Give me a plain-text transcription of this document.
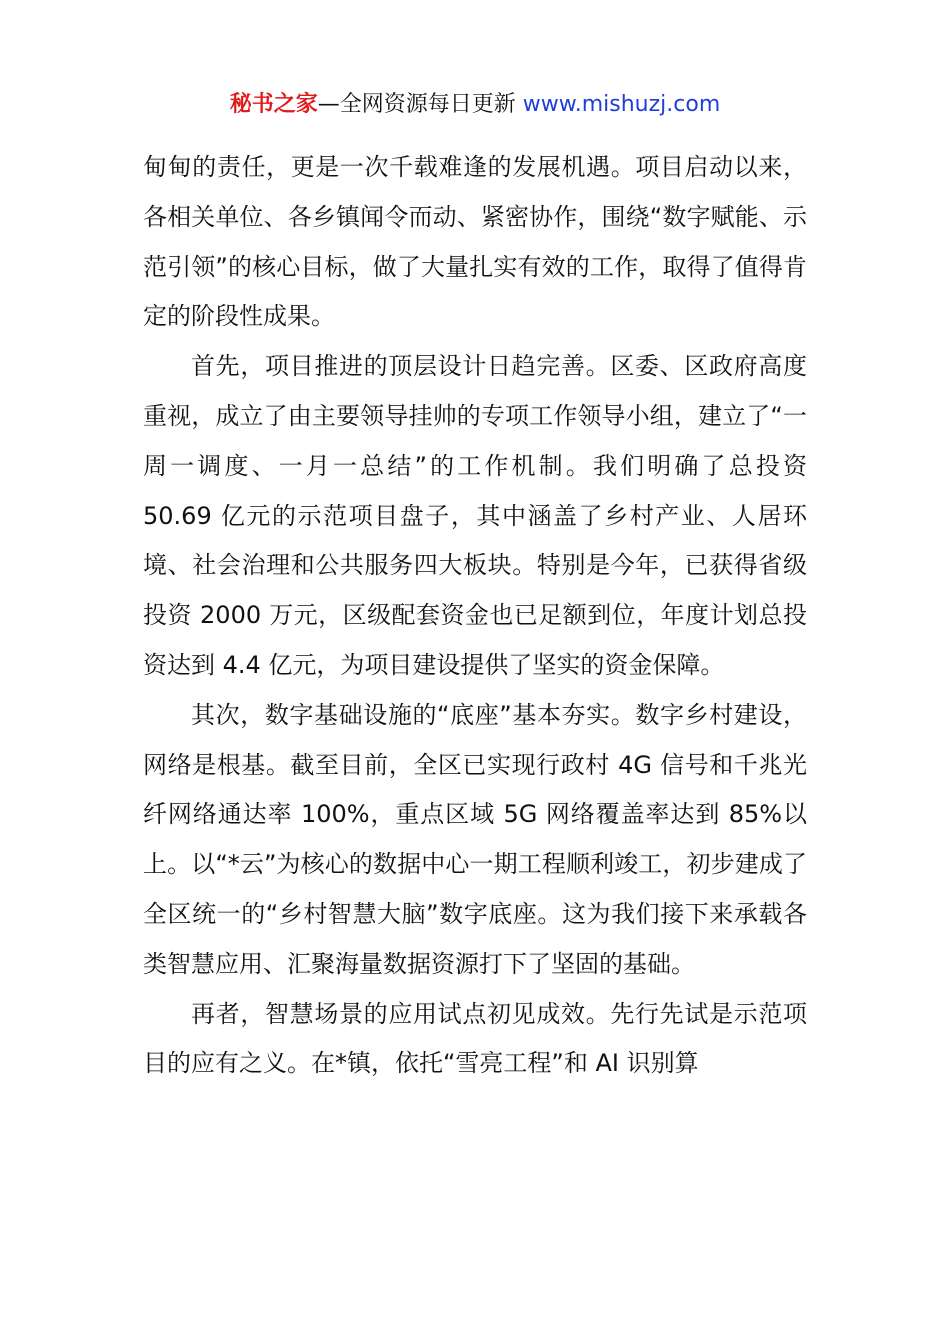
秘书之家—全网资源每日更新 www.mishuzj.com

甸甸的责任，更是一次千载难逢的发展机遇。项目启动以来，各相关单位、各乡镇闻令而动、紧密协作，围绕“数字赋能、示范引领”的核心目标，做了大量扎实有效的工作，取得了值得肯定的阶段性成果。

首先，项目推进的顶层设计日趋完善。区委、区政府高度重视，成立了由主要领导挂帅的专项工作领导小组，建立了“一周一调度、一月一总结”的工作机制。我们明确了总投资 50.69 亿元的示范项目盘子，其中涵盖了乡村产业、人居环境、社会治理和公共服务四大板块。特别是今年，已获得省级投资 2000 万元，区级配套资金也已足额到位，年度计划总投资达到 4.4 亿元，为项目建设提供了坚实的资金保障。

其次，数字基础设施的“底座”基本夯实。数字乡村建设，网络是根基。截至目前，全区已实现行政村 4G 信号和千兆光纤网络通达率 100%，重点区域 5G 网络覆盖率达到 85%以上。以“*云”为核心的数据中心一期工程顺利竣工，初步建成了全区统一的“乡村智慧大脑”数字底座。这为我们接下来承载各类智慧应用、汇聚海量数据资源打下了坚固的基础。

再者，智慧场景的应用试点初见成效。先行先试是示范项目的应有之义。在*镇，依托“雪亮工程”和 AI 识别算
